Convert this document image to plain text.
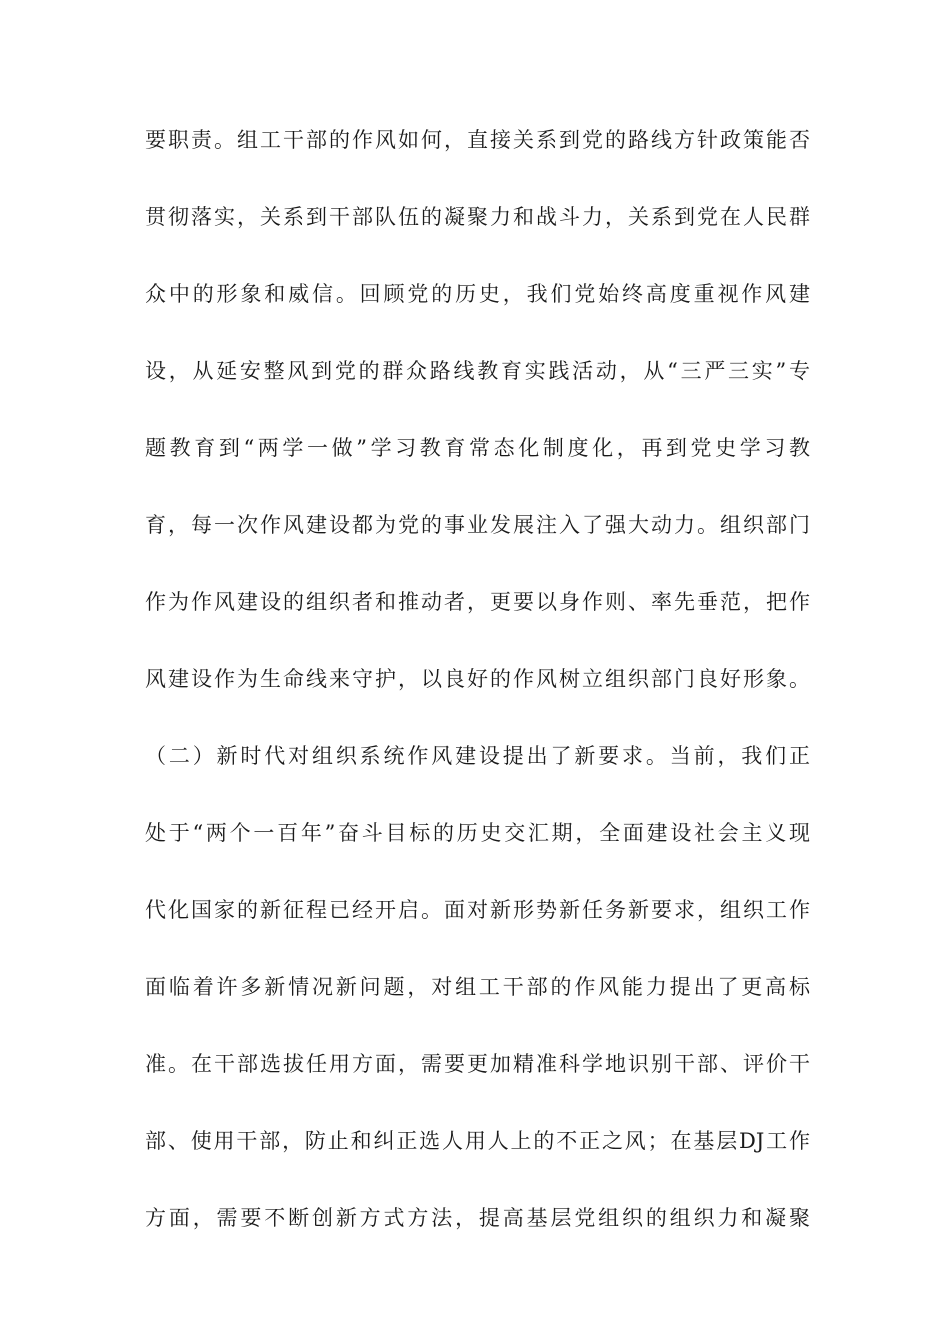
要职责。组工干部的作风如何，直接关系到党的路线方针政策能否
贯彻落实，关系到干部队伍的凝聚力和战斗力，关系到党在人民群
众中的形象和威信。回顾党的历史，我们党始终高度重视作风建
设，从延安整风到党的群众路线教育实践活动，从“三严三实”专
题教育到“两学一做”学习教育常态化制度化，再到党史学习教
育，每一次作风建设都为党的事业发展注入了强大动力。组织部门
作为作风建设的组织者和推动者，更要以身作则、率先垂范，把作
风建设作为生命线来守护，以良好的作风树立组织部门良好形象。
（二）新时代对组织系统作风建设提出了新要求。当前，我们正
处于“两个一百年”奋斗目标的历史交汇期，全面建设社会主义现
代化国家的新征程已经开启。面对新形势新任务新要求，组织工作
面临着许多新情况新问题，对组工干部的作风能力提出了更高标
准。在干部选拔任用方面，需要更加精准科学地识别干部、评价干
部、使用干部，防止和纠正选人用人上的不正之风；在基层DJ工作
方面，需要不断创新方式方法，提高基层党组织的组织力和凝聚
